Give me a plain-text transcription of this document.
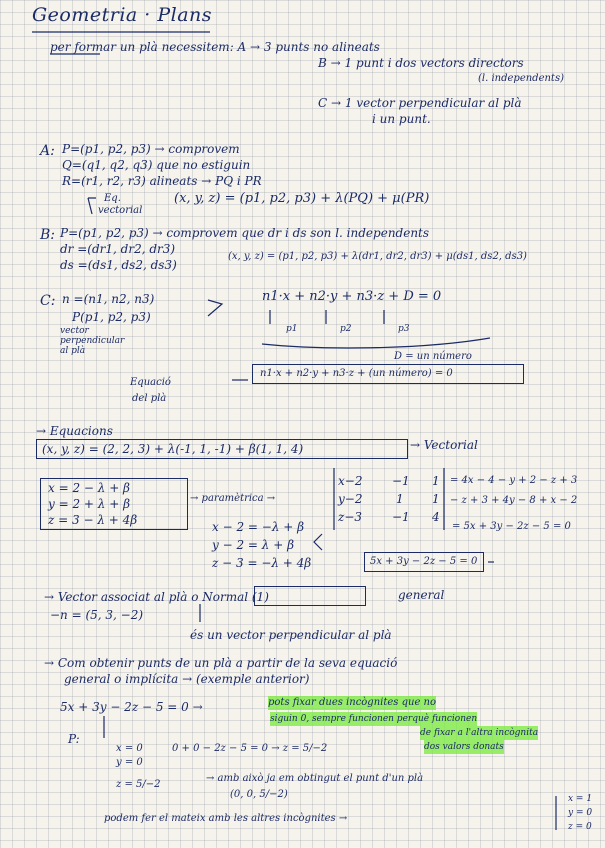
Geometria · Plans
per formar un plà necessitem: A → 3 punts no alineats
B → 1 punt i dos vectors directors
(l. independents)
C → 1 vector perpendicular al plà
i un punt.
A: P=(p1, p2, p3) → comprovem
Q=(q1, q2, q3) que no estiguin
R=(r1, r2, r3) alineats → PQ i PR
Eq.
vectorial
(x, y, z) = (p1, p2, p3) + λ(PQ) + μ(PR)
B: P=(p1, p2, p3) → comprovem que dr i ds son l. independents
dr =(dr1, dr2, dr3)
ds =(ds1, ds2, ds3)
(x, y, z) = (p1, p2, p3) + λ(dr1, dr2, dr3) + μ(ds1, ds2, ds3)
C: n =(n1, n2, n3)
P(p1, p2, p3)
vector perpendicular al plà
n1·x + n2·y + n3·z + D = 0
p1	p2	p3
D = un número
Equació
del plà
n1·x + n2·y + n3·z + (un número) = 0
→ Equacions
(x, y, z) = (2, 2, 3) + λ(-1, 1, -1) + β(1, 1, 4)	→ Vectorial
x = 2 − λ + β
y = 2 + λ + β
z = 3 − λ + 4β
→ paramètrica →
x − 2 = −λ + β
y − 2 = λ + β
z − 3 = −λ + 4β
x−2 −1 1
y−2	1 1
z−3 −1 4
= 4x − 4 − y + 2 − z + 3
− z + 3 + 4y − 8 + x − 2
= 5x + 3y − 2z − 5 = 0
5x + 3y − 2z − 5 = 0
general
→ Vector associat al plà o Normal (1)
−n = (5, 3, −2)
és un vector perpendicular al plà
→ Com obtenir punts de un plà a partir de la seva equació
general o implícita → (exemple anterior)
5x + 3y − 2z − 5 = 0 →	pots fixar dues incògnites que no
siguin 0, sempre funcionen perquè funcionen
de fixar a l'altra incògnita
dos valors donats
P:
x = 0
y = 0
0 + 0 − 2z − 5 = 0 → z = 5/−2
z = 5/−2
→ amb això ja em obtingut el punt d'un plà
(0, 0, 5/−2)
podem fer el mateix amb les altres incògnites →
x = 1
y = 0
z = 0
